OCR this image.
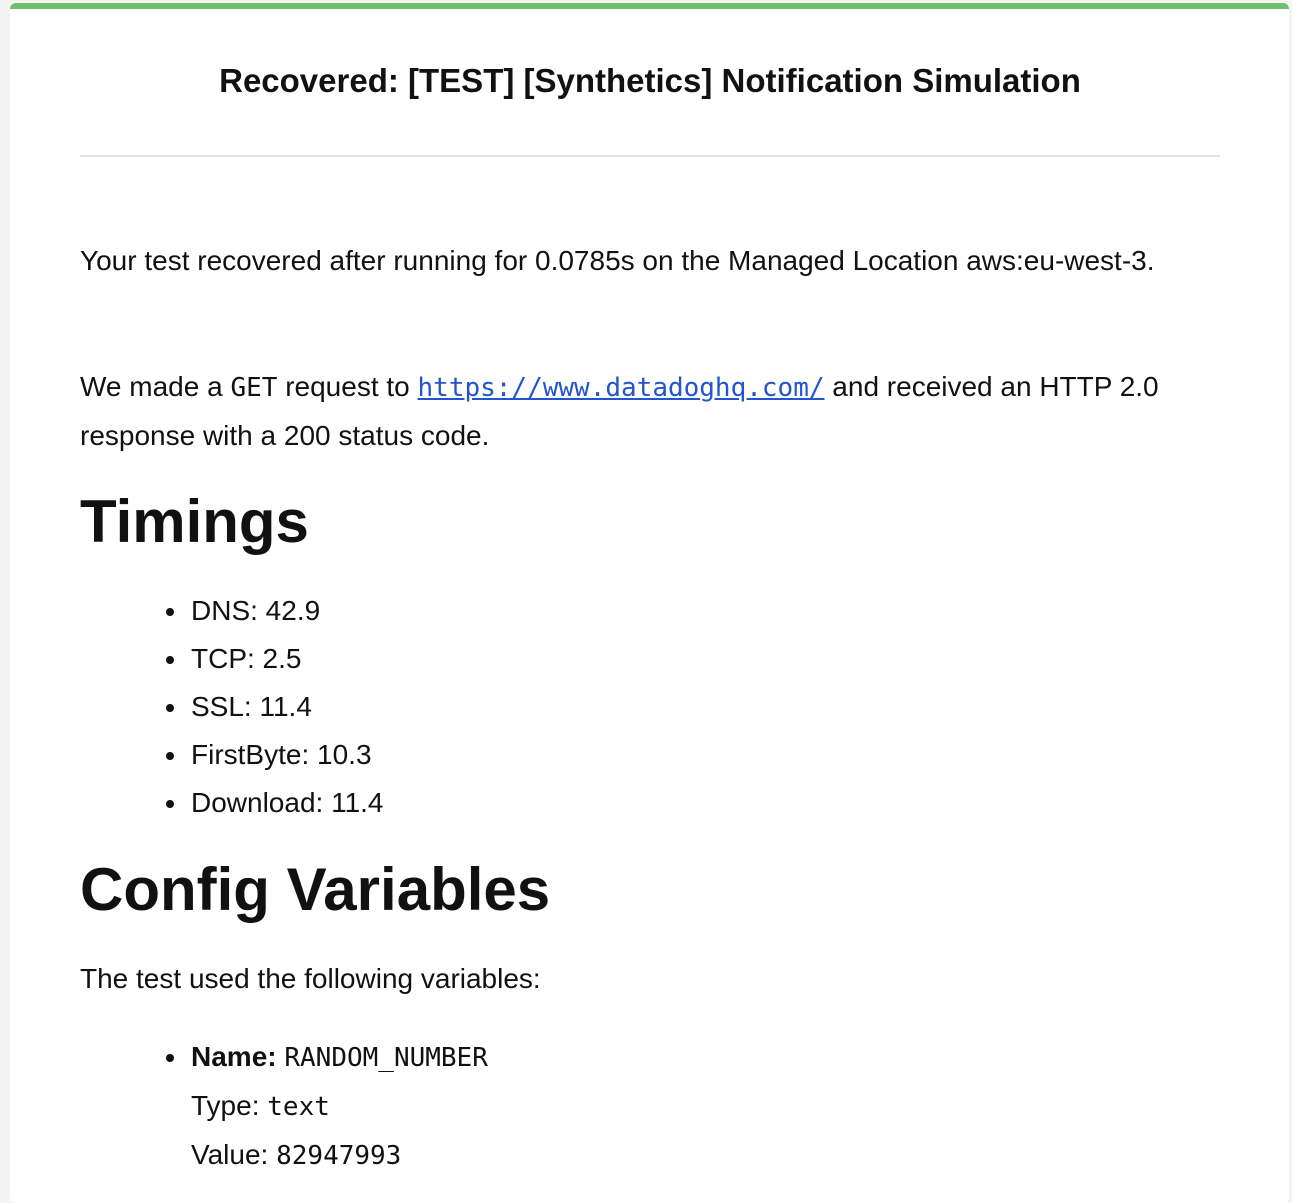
Recovered: [TEST] [Synthetics] Notification Simulation

Your test recovered after running for 0.0785s on the Managed Location aws:eu-west-3.

We made a GET request to https://www.datadoghq.com/ and received an HTTP 2.0 response with a 200 status code.

Timings
DNS: 42.9
TCP: 2.5
SSL: 11.4
FirstByte: 10.3
Download: 11.4
Config Variables

The test used the following variables:

Name: RANDOM_NUMBER
Type: text
Value: 82947993
